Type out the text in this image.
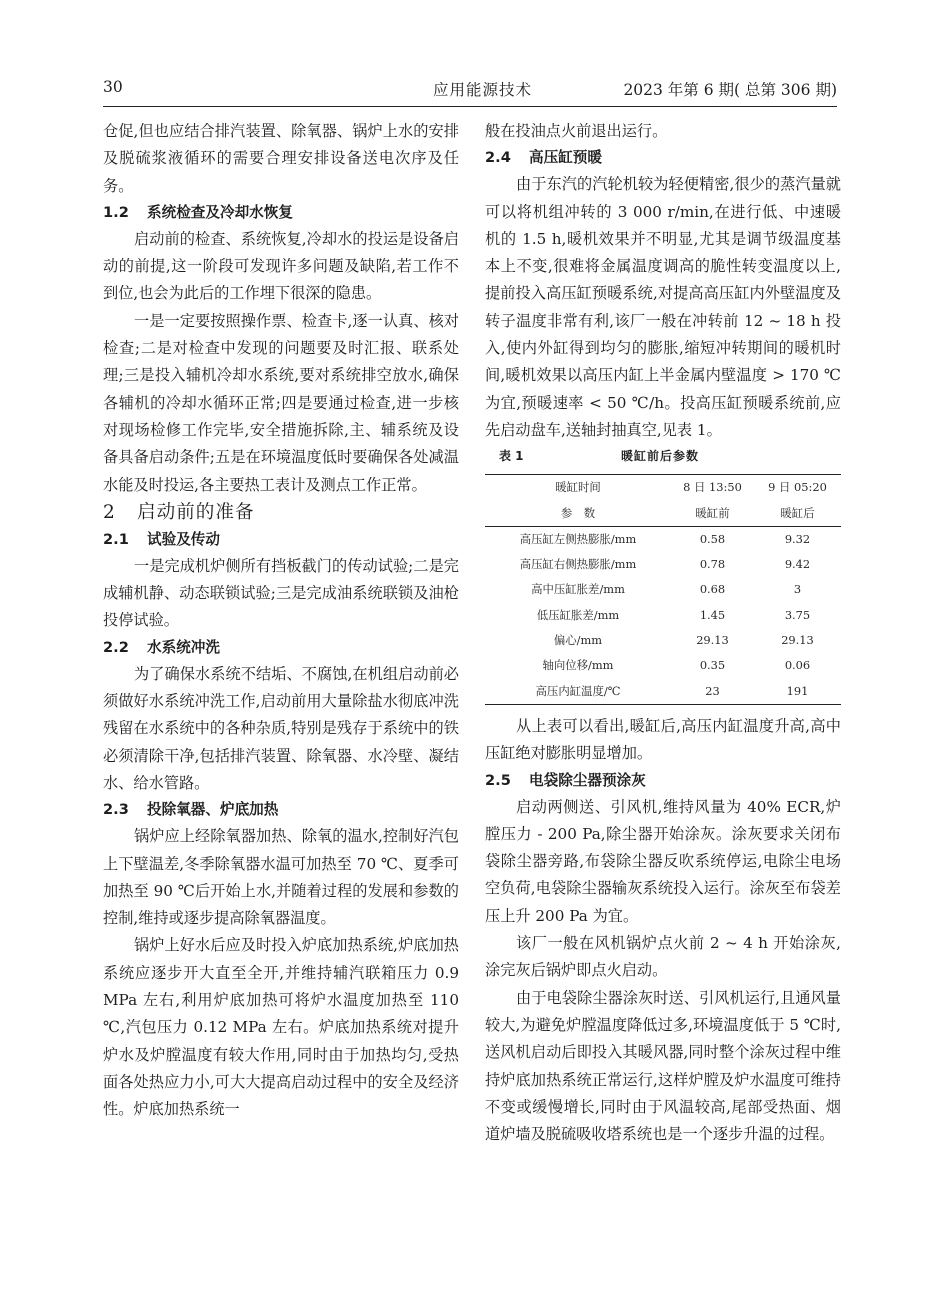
30	应用能源技术	2023 年第 6 期( 总第 306 期)

仓促,但也应结合排汽装置、除氧器、锅炉上水的安排及脱硫浆液循环的需要合理安排设备送电次序及任务。

1.2 系统检查及冷却水恢复

启动前的检查、系统恢复,冷却水的投运是设备启动的前提,这一阶段可发现许多问题及缺陷,若工作不到位,也会为此后的工作埋下很深的隐患。

一是一定要按照操作票、检查卡,逐一认真、核对检查;二是对检查中发现的问题要及时汇报、联系处理;三是投入辅机冷却水系统,要对系统排空放水,确保各辅机的冷却水循环正常;四是要通过检查,进一步核对现场检修工作完毕,安全措施拆除,主、辅系统及设备具备启动条件;五是在环境温度低时要确保各处减温水能及时投运,各主要热工表计及测点工作正常。

2 启动前的准备
2.1 试验及传动

一是完成机炉侧所有挡板截门的传动试验;二是完成辅机静、动态联锁试验;三是完成油系统联锁及油枪投停试验。

2.2 水系统冲洗

为了确保水系统不结垢、不腐蚀,在机组启动前必须做好水系统冲洗工作,启动前用大量除盐水彻底冲洗残留在水系统中的各种杂质,特别是残存于系统中的铁必须清除干净,包括排汽装置、除氧器、水冷壁、凝结水、给水管路。

2.3 投除氧器、炉底加热

锅炉应上经除氧器加热、除氧的温水,控制好汽包上下壁温差,冬季除氧器水温可加热至 70 ℃、夏季可加热至 90 ℃后开始上水,并随着过程的发展和参数的控制,维持或逐步提高除氧器温度。

锅炉上好水后应及时投入炉底加热系统,炉底加热系统应逐步开大直至全开,并维持辅汽联箱压力 0.9 MPa 左右,利用炉底加热可将炉水温度加热至 110 ℃,汽包压力 0.12 MPa 左右。炉底加热系统对提升炉水及炉膛温度有较大作用,同时由于加热均匀,受热面各处热应力小,可大大提高启动过程中的安全及经济性。炉底加热系统一

般在投油点火前退出运行。

2.4 高压缸预暖

由于东汽的汽轮机较为轻便精密,很少的蒸汽量就可以将机组冲转的 3 000 r/min,在进行低、中速暖机的 1.5 h,暖机效果并不明显,尤其是调节级温度基本上不变,很难将金属温度调高的脆性转变温度以上,提前投入高压缸预暖系统,对提高高压缸内外壁温度及转子温度非常有利,该厂一般在冲转前 12 ~ 18 h 投入,使内外缸得到均匀的膨胀,缩短冲转期间的暖机时间,暖机效果以高压内缸上半金属内壁温度 > 170 ℃ 为宜,预暖速率 < 50 ℃/h。投高压缸预暖系统前,应先启动盘车,送轴封抽真空,见表 1。

表 1	暖缸前后参数
暖缸时间	8 日 13:50	9 日 05:20
参　数	暖缸前	暖缸后
高压缸左侧热膨胀/mm	0.58	9.32
高压缸右侧热膨胀/mm	0.78	9.42
高中压缸胀差/mm	0.68	3
低压缸胀差/mm	1.45	3.75
偏心/mm	29.13	29.13
轴向位移/mm	0.35	0.06
高压内缸温度/℃	23	191

从上表可以看出,暖缸后,高压内缸温度升高,高中压缸绝对膨胀明显增加。

2.5 电袋除尘器预涂灰

启动两侧送、引风机,维持风量为 40% ECR,炉膛压力 - 200 Pa,除尘器开始涂灰。涂灰要求关闭布袋除尘器旁路,布袋除尘器反吹系统停运,电除尘电场空负荷,电袋除尘器输灰系统投入运行。涂灰至布袋差压上升 200 Pa 为宜。

该厂一般在风机锅炉点火前 2 ~ 4 h 开始涂灰,涂完灰后锅炉即点火启动。

由于电袋除尘器涂灰时送、引风机运行,且通风量较大,为避免炉膛温度降低过多,环境温度低于 5 ℃时,送风机启动后即投入其暖风器,同时整个涂灰过程中维持炉底加热系统正常运行,这样炉膛及炉水温度可维持不变或缓慢增长,同时由于风温较高,尾部受热面、烟道炉墙及脱硫吸收塔系统也是一个逐步升温的过程。
